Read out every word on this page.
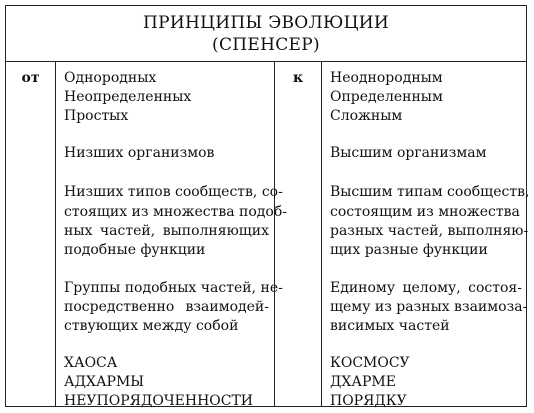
ПРИНЦИПЫ ЭВОЛЮЦИИ
(СПЕНСЕР)
от	Однородных
Неопределенных
Простых
Низших организмов
Низших типов сообществ, со-
стоящих из множества подоб-
ных частей, выполняющих
подобные функции
Группы подобных частей, не-
посредственно взаимодей-
ствующих между собой
ХАОСА
АДХАРМЫ
НЕУПОРЯДОЧЕННОСТИ
к	Неоднородным
Определенным
Сложным
Высшим организмам
Высшим типам сообществ,
состоящим из множества
разных частей, выполняю-
щих разные функции
Единому целому, состоя-
щему из разных взаимоза-
висимых частей
КОСМОСУ
ДХАРМЕ
ПОРЯДКУ
